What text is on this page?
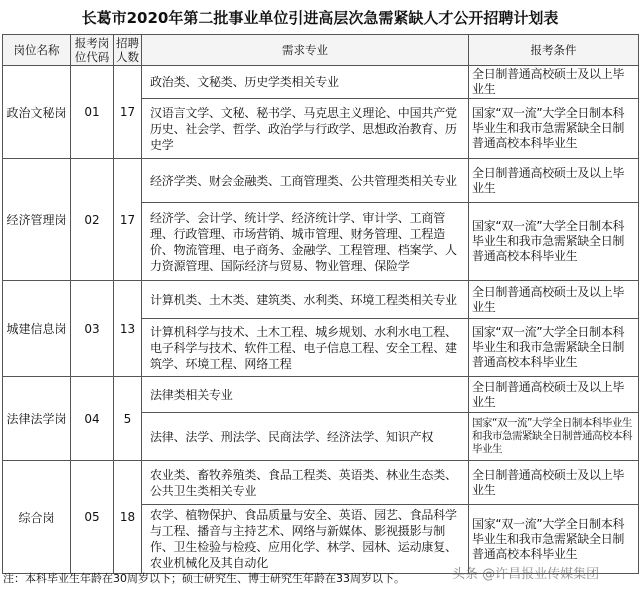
长葛市2020年第二批事业单位引进高层次急需紧缺人才公开招聘计划表
岗位名称	报考岗位代码	招聘人数	需求专业	报考条件
政治文秘岗	01	17	政治类、文秘类、历史学类相关专业	全日制普通高校硕士及以上毕业生
			汉语言文学、文秘、秘书学、马克思主义理论、中国共产党历史、社会学、哲学、政治学与行政学、思想政治教育、历史学	国家“双一流”大学全日制本科毕业生和我市急需紧缺全日制普通高校本科毕业生
经济管理岗	02	17	经济学类、财会金融类、工商管理类、公共管理类相关专业	全日制普通高校硕士及以上毕业生
			经济学、会计学、统计学、经济统计学、审计学、工商管理、行政管理、市场营销、城市管理、财务管理、工程造价、物流管理、电子商务、金融学、工程管理、档案学、人力资源管理、国际经济与贸易、物业管理、保险学	国家“双一流”大学全日制本科毕业生和我市急需紧缺全日制普通高校本科毕业生
城建信息岗	03	13	计算机类、土木类、建筑类、水利类、环境工程类相关专业	全日制普通高校硕士及以上毕业生
			计算机科学与技术、土木工程、城乡规划、水利水电工程、电子科学与技术、软件工程、电子信息工程、安全工程、建筑学、环境工程、网络工程	国家“双一流”大学全日制本科毕业生和我市急需紧缺全日制普通高校本科毕业生
法律法学岗	04	5	法律类相关专业	全日制普通高校硕士及以上毕业生
			法律、法学、刑法学、民商法学、经济法学、知识产权	国家“双一流”大学全日制本科毕业生和我市急需紧缺全日制普通高校本科毕业生
综合岗	05	18	农业类、畜牧养殖类、食品工程类、英语类、林业生态类、公共卫生类相关专业	全日制普通高校硕士及以上毕业生
			农学、植物保护、食品质量与安全、英语、园艺、食品科学与工程、播音与主持艺术、网络与新媒体、影视摄影与制作、卫生检验与检疫、应用化学、林学、园林、运动康复、农业机械化及其自动化	国家“双一流”大学全日制本科毕业生和我市急需紧缺全日制普通高校本科毕业生
注：本科毕业生年龄在30周岁以下；硕士研究生、博士研究生年龄在33周岁以下。	头条 @许昌报业传媒集团
